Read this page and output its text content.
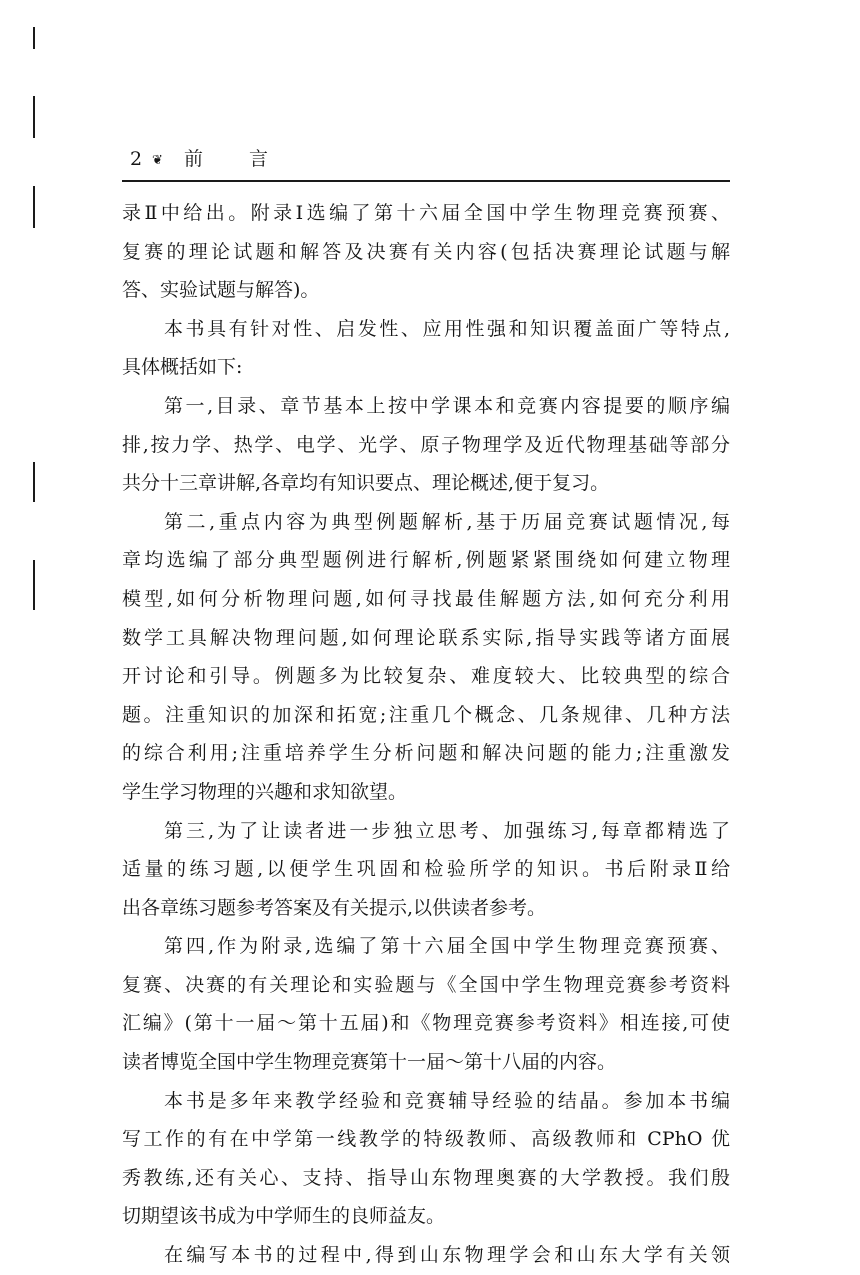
2 ❦ 前言
录Ⅱ中给出。附录Ⅰ选编了第十六届全国中学生物理竞赛预赛、
复赛的理论试题和解答及决赛有关内容(包括决赛理论试题与解
答、实验试题与解答)。
本书具有针对性、启发性、应用性强和知识覆盖面广等特点,
具体概括如下:
第一,目录、章节基本上按中学课本和竞赛内容提要的顺序编
排,按力学、热学、电学、光学、原子物理学及近代物理基础等部分
共分十三章讲解,各章均有知识要点、理论概述,便于复习。
第二,重点内容为典型例题解析,基于历届竞赛试题情况,每
章均选编了部分典型题例进行解析,例题紧紧围绕如何建立物理
模型,如何分析物理问题,如何寻找最佳解题方法,如何充分利用
数学工具解决物理问题,如何理论联系实际,指导实践等诸方面展
开讨论和引导。例题多为比较复杂、难度较大、比较典型的综合
题。注重知识的加深和拓宽;注重几个概念、几条规律、几种方法
的综合利用;注重培养学生分析问题和解决问题的能力;注重激发
学生学习物理的兴趣和求知欲望。
第三,为了让读者进一步独立思考、加强练习,每章都精选了
适量的练习题,以便学生巩固和检验所学的知识。书后附录Ⅱ给
出各章练习题参考答案及有关提示,以供读者参考。
第四,作为附录,选编了第十六届全国中学生物理竞赛预赛、
复赛、决赛的有关理论和实验题与《全国中学生物理竞赛参考资料
汇编》(第十一届～第十五届)和《物理竞赛参考资料》相连接,可使
读者博览全国中学生物理竞赛第十一届～第十八届的内容。
本书是多年来教学经验和竞赛辅导经验的结晶。参加本书编
写工作的有在中学第一线教学的特级教师、高级教师和 CPhO 优
秀教练,还有关心、支持、指导山东物理奥赛的大学教授。我们殷
切期望该书成为中学师生的良师益友。
在编写本书的过程中,得到山东物理学会和山东大学有关领
